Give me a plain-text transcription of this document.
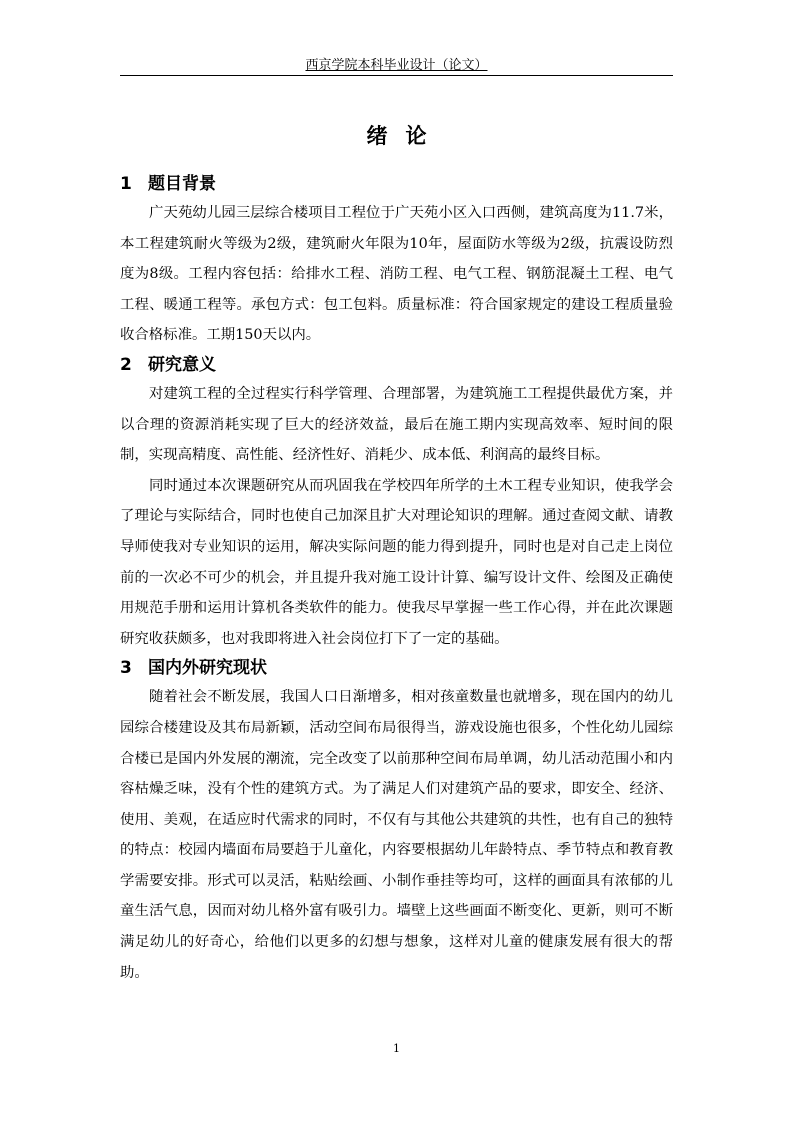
西京学院本科毕业设计（论文）
绪论
1 题目背景

广天苑幼儿园三层综合楼项目工程位于广天苑小区入口西侧，建筑高度为11.7米，本工程建筑耐火等级为2级，建筑耐火年限为10年，屋面防水等级为2级，抗震设防烈度为8级。工程内容包括：给排水工程、消防工程、电气工程、钢筋混凝土工程、电气工程、暖通工程等。承包方式：包工包料。质量标准：符合国家规定的建设工程质量验收合格标准。工期150天以内。

2 研究意义

对建筑工程的全过程实行科学管理、合理部署，为建筑施工工程提供最优方案，并以合理的资源消耗实现了巨大的经济效益，最后在施工期内实现高效率、短时间的限制，实现高精度、高性能、经济性好、消耗少、成本低、利润高的最终目标。

同时通过本次课题研究从而巩固我在学校四年所学的土木工程专业知识，使我学会了理论与实际结合，同时也使自己加深且扩大对理论知识的理解。通过查阅文献、请教导师使我对专业知识的运用，解决实际问题的能力得到提升，同时也是对自己走上岗位前的一次必不可少的机会，并且提升我对施工设计计算、编写设计文件、绘图及正确使用规范手册和运用计算机各类软件的能力。使我尽早掌握一些工作心得，并在此次课题研究收获颇多，也对我即将进入社会岗位打下了一定的基础。

3 国内外研究现状

随着社会不断发展，我国人口日渐增多，相对孩童数量也就增多，现在国内的幼儿园综合楼建设及其布局新颖，活动空间布局很得当，游戏设施也很多，个性化幼儿园综合楼已是国内外发展的潮流，完全改变了以前那种空间布局单调，幼儿活动范围小和内容枯燥乏味，没有个性的建筑方式。为了满足人们对建筑产品的要求，即安全、经济、使用、美观，在适应时代需求的同时，不仅有与其他公共建筑的共性，也有自己的独特的特点：校园内墙面布局要趋于儿童化，内容要根据幼儿年龄特点、季节特点和教育教学需要安排。形式可以灵活，粘贴绘画、小制作垂挂等均可，这样的画面具有浓郁的儿童生活气息，因而对幼儿格外富有吸引力。墙壁上这些画面不断变化、更新，则可不断满足幼儿的好奇心，给他们以更多的幻想与想象，这样对儿童的健康发展有很大的帮助。

1
